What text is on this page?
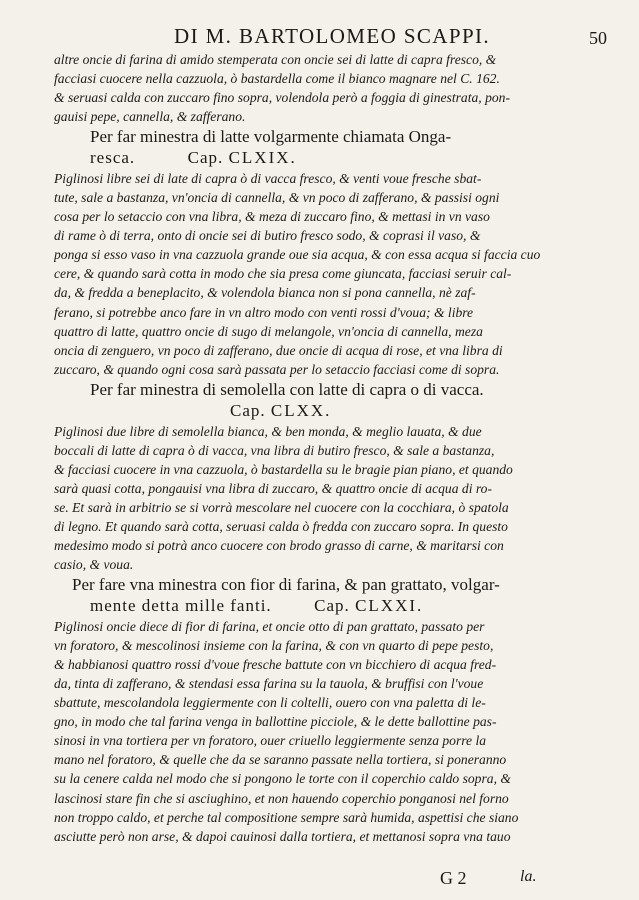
DI M. BARTOLOMEO SCAPPI.	50
altre oncie di farina di amido stemperata con oncie sei di latte di capra fresco, &
facciasi cuocere nella cazzuola, ò bastardella come il bianco magnare nel C. 162.
& seruasi calda con zuccaro fino sopra, volendola però a foggia di ginestrata, pon-
gauisi pepe, cannella, & zafferano.
Per far minestra di latte volgarmente chiamata Onga-
resca.	Cap. CLXIX.
Piglinosi libre sei di late di capra ò di vacca fresco, & venti voue fresche sbat-
tute, sale a bastanza, vn'oncia di cannella, & vn poco di zafferano, & passisi ogni
cosa per lo setaccio con vna libra, & meza di zuccaro fino, & mettasi in vn vaso
di rame ò di terra, onto di oncie sei di butiro fresco sodo, & coprasi il vaso, &
ponga si esso vaso in vna cazzuola grande oue sia acqua, & con essa acqua si faccia cuo
cere, & quando sarà cotta in modo che sia presa come giuncata, facciasi seruir cal-
da, & fredda a beneplacito, & volendola bianca non si pona cannella, nè zaf-
ferano, si potrebbe anco fare in vn altro modo con venti rossi d'voua; & libre
quattro di latte, quattro oncie di sugo di melangole, vn'oncia di cannella, meza
oncia di zenguero, vn poco di zafferano, due oncie di acqua di rose, et vna libra di
zuccaro, & quando ogni cosa sarà passata per lo setaccio facciasi come di sopra.
Per far minestra di semolella con latte di capra o di vacca.
Cap. CLXX.
Piglinosi due libre di semolella bianca, & ben monda, & meglio lauata, & due
boccali di latte di capra ò di vacca, vna libra di butiro fresco, & sale a bastanza,
& facciasi cuocere in vna cazzuola, ò bastardella su le bragie pian piano, et quando
sarà quasi cotta, pongauisi vna libra di zuccaro, & quattro oncie di acqua di ro-
se. Et sarà in arbitrio se si vorrà mescolare nel cuocere con la cocchiara, ò spatola
di legno. Et quando sarà cotta, seruasi calda ò fredda con zuccaro sopra. In questo
medesimo modo si potrà anco cuocere con brodo grasso di carne, & maritarsi con
casio, & voua.
Per fare vna minestra con fior di farina, & pan grattato, volgar-
mente detta mille fanti.	Cap. CLXXI.
Piglinosi oncie diece di fior di farina, et oncie otto di pan grattato, passato per
vn foratoro, & mescolinosi insieme con la farina, & con vn quarto di pepe pesto,
& habbianosi quattro rossi d'voue fresche battute con vn bicchiero di acqua fred-
da, tinta di zafferano, & stendasi essa farina su la tauola, & bruffisi con l'voue
sbattute, mescolandola leggiermente con li coltelli, ouero con vna paletta di le-
gno, in modo che tal farina venga in ballottine picciole, & le dette ballottine pas-
sinosi in vna tortiera per vn foratoro, ouer criuello leggiermente senza porre la
mano nel foratoro, & quelle che da se saranno passate nella tortiera, si poneranno
su la cenere calda nel modo che si pongono le torte con il coperchio caldo sopra, &
lascinosi stare fin che si asciughino, et non hauendo coperchio ponganosi nel forno
non troppo caldo, et perche tal compositione sempre sarà humida, aspettisi che siano
asciutte però non arse, & dapoi cauinosi dalla tortiera, et mettanosi sopra vna tauo
G 2	la.
